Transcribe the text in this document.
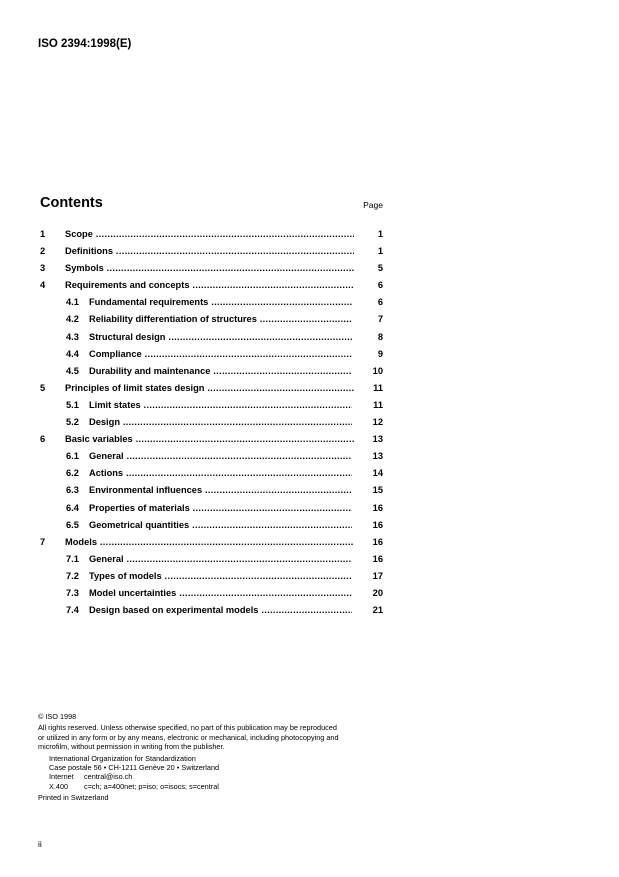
ISO 2394:1998(E)
Contents	Page
1 Scope .....	1
2 Definitions .....	1
3 Symbols .....	5
4 Requirements and concepts .....	6
4.1 Fundamental requirements .....	6
4.2 Reliability differentiation of structures .....	7
4.3 Structural design .....	8
4.4 Compliance .....	9
4.5 Durability and maintenance .....	10
5 Principles of limit states design .....	11
5.1 Limit states .....	11
5.2 Design .....	12
6 Basic variables .....	13
6.1 General .....	13
6.2 Actions .....	14
6.3 Environmental influences .....	15
6.4 Properties of materials .....	16
6.5 Geometrical quantities .....	16
7 Models .....	16
7.1 General .....	16
7.2 Types of models .....	17
7.3 Model uncertainties .....	20
7.4 Design based on experimental models .....	21
© ISO 1998
All rights reserved. Unless otherwise specified, no part of this publication may be reproduced
or utilized in any form or by any means, electronic or mechanical, including photocopying and
microfilm, without permission in writing from the publisher.
International Organization for Standardization
Case postale 56 • CH-1211 Genève 20 • Switzerland
Internet central@iso.ch
X.400 c=ch; a=400net; p=iso; o=isocs; s=central
Printed in Switzerland
ii
